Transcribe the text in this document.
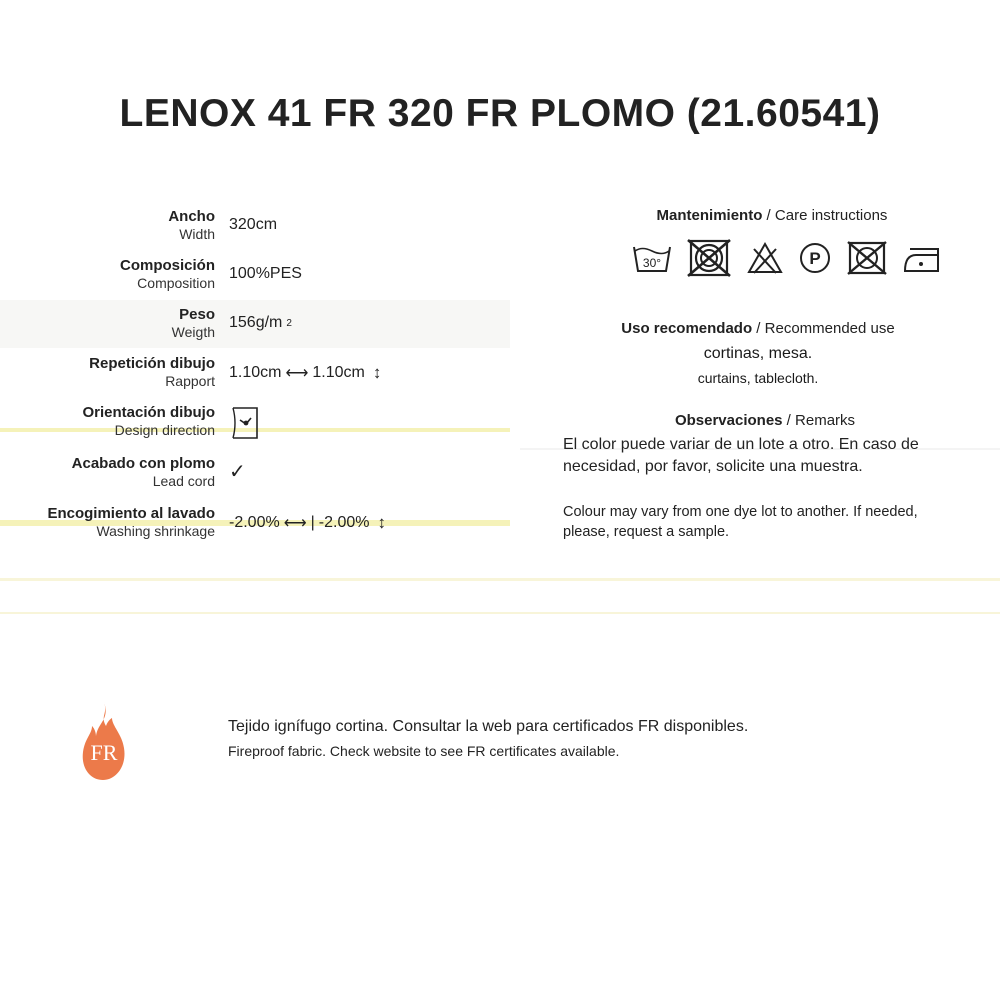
LENOX 41 FR 320 FR PLOMO (21.60541)
Ancho
Width
320cm
Composición
Composition
100%PES
Peso
Weigth
156g/m 2
Repetición dibujo
Rapport 1.10cm ⟷ 1.10cm ↕
Orientación dibujo
Design direction
Acabado con plomo
Lead cord ✓
Encogimiento al lavado
Washing shrinkage -2.00% ⟷ | -2.00% ↕
Mantenimiento / Care instructions
30°	P
Uso recomendado / Recommended use
cortinas, mesa.
curtains, tablecloth.
Observaciones / Remarks
El color puede variar de un lote a otro. En caso de
necesidad, por favor, solicite una muestra.
Colour may vary from one dye lot to another. If needed,
please, request a sample.
FR
Tejido ignífugo cortina. Consultar la web para certificados FR disponibles.
Fireproof fabric. Check website to see FR certificates available.
